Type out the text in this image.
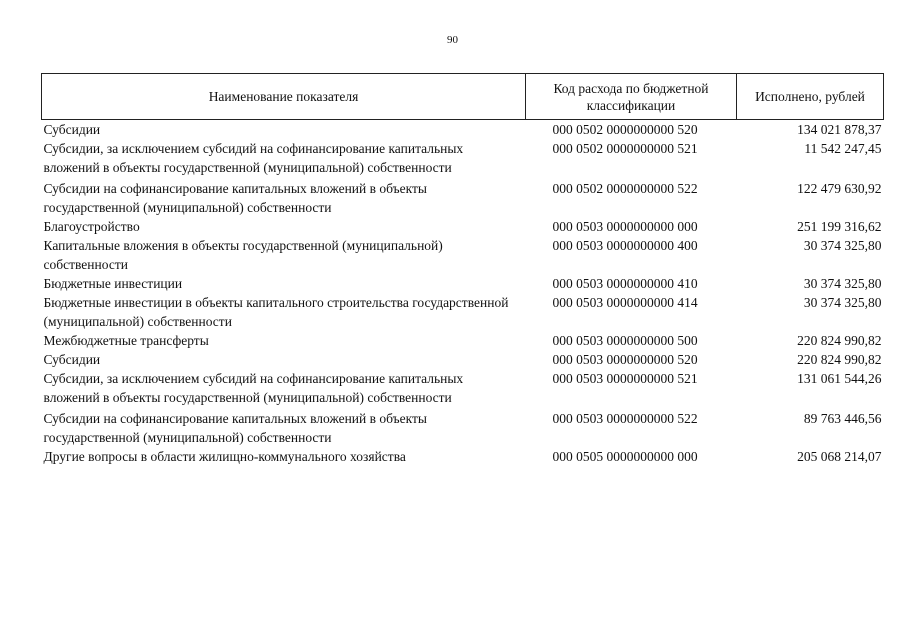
90
Наименование показателя	Код расхода по бюджетной классификации	Исполнено, рублей
Субсидии	000 0502 0000000000 520	134 021 878,37
Субсидии, за исключением субсидий на софинансирование капитальных вложений в объекты государственной (муниципальной) собственности	000 0502 0000000000 521	11 542 247,45
Субсидии на софинансирование капитальных вложений в объекты государственной (муниципальной) собственности	000 0502 0000000000 522	122 479 630,92
Благоустройство	000 0503 0000000000 000	251 199 316,62
Капитальные вложения в объекты государственной (муниципальной) собственности	000 0503 0000000000 400	30 374 325,80
Бюджетные инвестиции	000 0503 0000000000 410	30 374 325,80
Бюджетные инвестиции в объекты капитального строительства государственной (муниципальной) собственности	000 0503 0000000000 414	30 374 325,80
Межбюджетные трансферты	000 0503 0000000000 500	220 824 990,82
Субсидии	000 0503 0000000000 520	220 824 990,82
Субсидии, за исключением субсидий на софинансирование капитальных вложений в объекты государственной (муниципальной) собственности	000 0503 0000000000 521	131 061 544,26
Субсидии на софинансирование капитальных вложений в объекты государственной (муниципальной) собственности	000 0503 0000000000 522	89 763 446,56
Другие вопросы в области жилищно-коммунального хозяйства	000 0505 0000000000 000	205 068 214,07
